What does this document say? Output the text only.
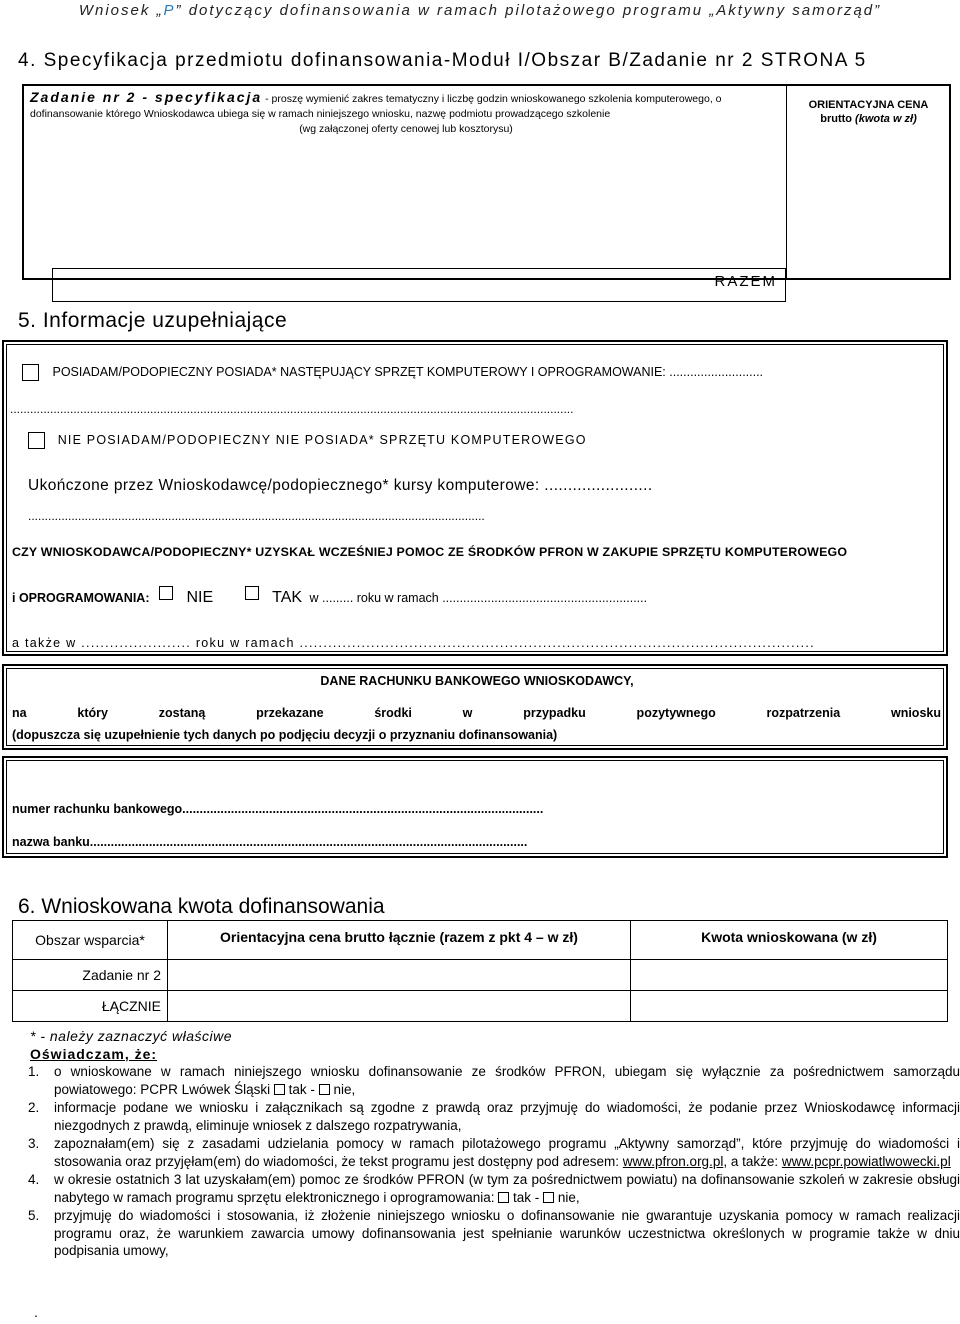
Wniosek „P” dotyczący dofinansowania w ramach pilotażowego programu „Aktywny samorząd”
4. Specyfikacja przedmiotu dofinansowania-Moduł I/Obszar B/Zadanie nr 2 STRONA 5
Zadanie nr 2 - specyfikacja - proszę wymienić zakres tematyczny i liczbę godzin wnioskowanego szkolenia komputerowego, o dofinansowanie którego Wnioskodawca ubiega się w ramach niniejszego wniosku, nazwę podmiotu prowadzącego szkolenie

(wg załączonej oferty cenowej lub kosztorysu)
ORIENTACYJNA CENA
brutto (kwota w zł)
RAZEM
5. Informacje uzupełniające
POSIADAM/PODOPIECZNY POSIADA* NASTĘPUJĄCY SPRZĘT KOMPUTEROWY I OPROGRAMOWANIE: ...........................
.........................................................................................................................................................................
NIE POSIADAM/PODOPIECZNY NIE POSIADA* SPRZĘTU KOMPUTEROWEGO
Ukończone przez Wnioskodawcę/podopiecznego* kursy komputerowe: .......................
.........................................................................................................................................
CZY WNIOSKODAWCA/PODOPIECZNY* UZYSKAŁ WCZEŚNIEJ POMOC ZE ŚRODKÓW PFRON W ZAKUPIE SPRZĘTU KOMPUTEROWEGO
i OPROGRAMOWANIA: NIE	TAK w ......... roku w ramach ...........................................................
a także w ....................... roku w ramach ............................................................................................................
DANE RACHUNKU BANKOWEGO WNIOSKODAWCY,
na który zostaną przekazane środki w przypadku pozytywnego rozpatrzenia wniosku
(dopuszcza się uzupełnienie tych danych po podjęciu decyzji o przyznaniu dofinansowania)
numer rachunku bankowego........................................................................................................
nazwa banku..............................................................................................................................
6. Wnioskowana kwota dofinansowania
Obszar wsparcia*	Orientacyjna cena brutto łącznie (razem z pkt 4 – w zł)	Kwota wnioskowana (w zł)
Zadanie nr 2		
ŁĄCZNIE		
* - należy zaznaczyć właściwe
Oświadczam, że:
1. o wnioskowane w ramach niniejszego wniosku dofinansowanie ze środków PFRON, ubiegam się wyłącznie za pośrednictwem samorządu powiatowego: PCPR Lwówek Śląski tak - nie,
2. informacje podane we wniosku i załącznikach są zgodne z prawdą oraz przyjmuję do wiadomości, że podanie przez Wnioskodawcę informacji niezgodnych z prawdą, eliminuje wniosek z dalszego rozpatrywania,
3. zapoznałam(em) się z zasadami udzielania pomocy w ramach pilotażowego programu „Aktywny samorząd”, które przyjmuję do wiadomości i stosowania oraz przyjęłam(em) do wiadomości, że tekst programu jest dostępny pod adresem: www.pfron.org.pl, a także: www.pcpr.powiatlwowecki.pl
4. w okresie ostatnich 3 lat uzyskałam(em) pomoc ze środków PFRON (w tym za pośrednictwem powiatu) na dofinansowanie szkoleń w zakresie obsługi nabytego w ramach programu sprzętu elektronicznego i oprogramowania: tak - nie,
5. przyjmuję do wiadomości i stosowania, iż złożenie niniejszego wniosku o dofinansowanie nie gwarantuje uzyskania pomocy w ramach realizacji programu oraz, że warunkiem zawarcia umowy dofinansowania jest spełnianie warunków uczestnictwa określonych w programie także w dniu podpisania umowy,
.
